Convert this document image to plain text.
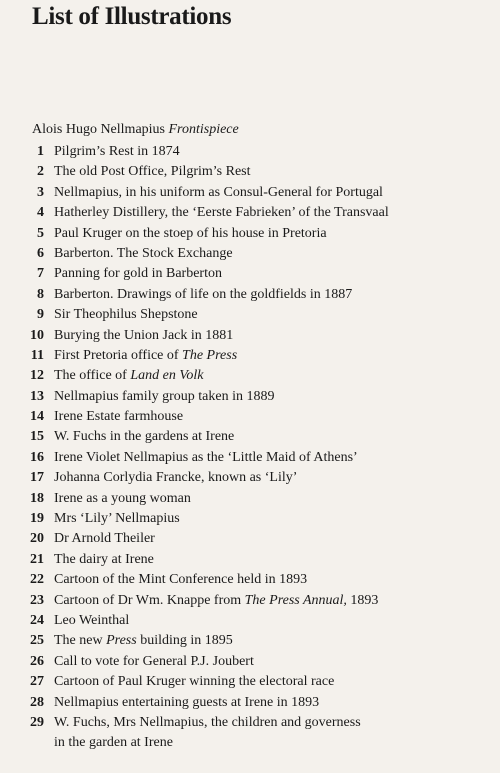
List of Illustrations
Alois Hugo Nellmapius Frontispiece
1 Pilgrim’s Rest in 1874
2 The old Post Office, Pilgrim’s Rest
3 Nellmapius, in his uniform as Consul-General for Portugal
4 Hatherley Distillery, the ‘Eerste Fabrieken’ of the Transvaal
5 Paul Kruger on the stoep of his house in Pretoria
6 Barberton. The Stock Exchange
7 Panning for gold in Barberton
8 Barberton. Drawings of life on the goldfields in 1887
9 Sir Theophilus Shepstone
10 Burying the Union Jack in 1881
11 First Pretoria office of The Press
12 The office of Land en Volk
13 Nellmapius family group taken in 1889
14 Irene Estate farmhouse
15 W. Fuchs in the gardens at Irene
16 Irene Violet Nellmapius as the ‘Little Maid of Athens’
17 Johanna Corlydia Francke, known as ‘Lily’
18 Irene as a young woman
19 Mrs ‘Lily’ Nellmapius
20 Dr Arnold Theiler
21 The dairy at Irene
22 Cartoon of the Mint Conference held in 1893
23 Cartoon of Dr Wm. Knappe from The Press Annual, 1893
24 Leo Weinthal
25 The new Press building in 1895
26 Call to vote for General P.J. Joubert
27 Cartoon of Paul Kruger winning the electoral race
28 Nellmapius entertaining guests at Irene in 1893
29 W. Fuchs, Mrs Nellmapius, the children and governess
in the garden at Irene
